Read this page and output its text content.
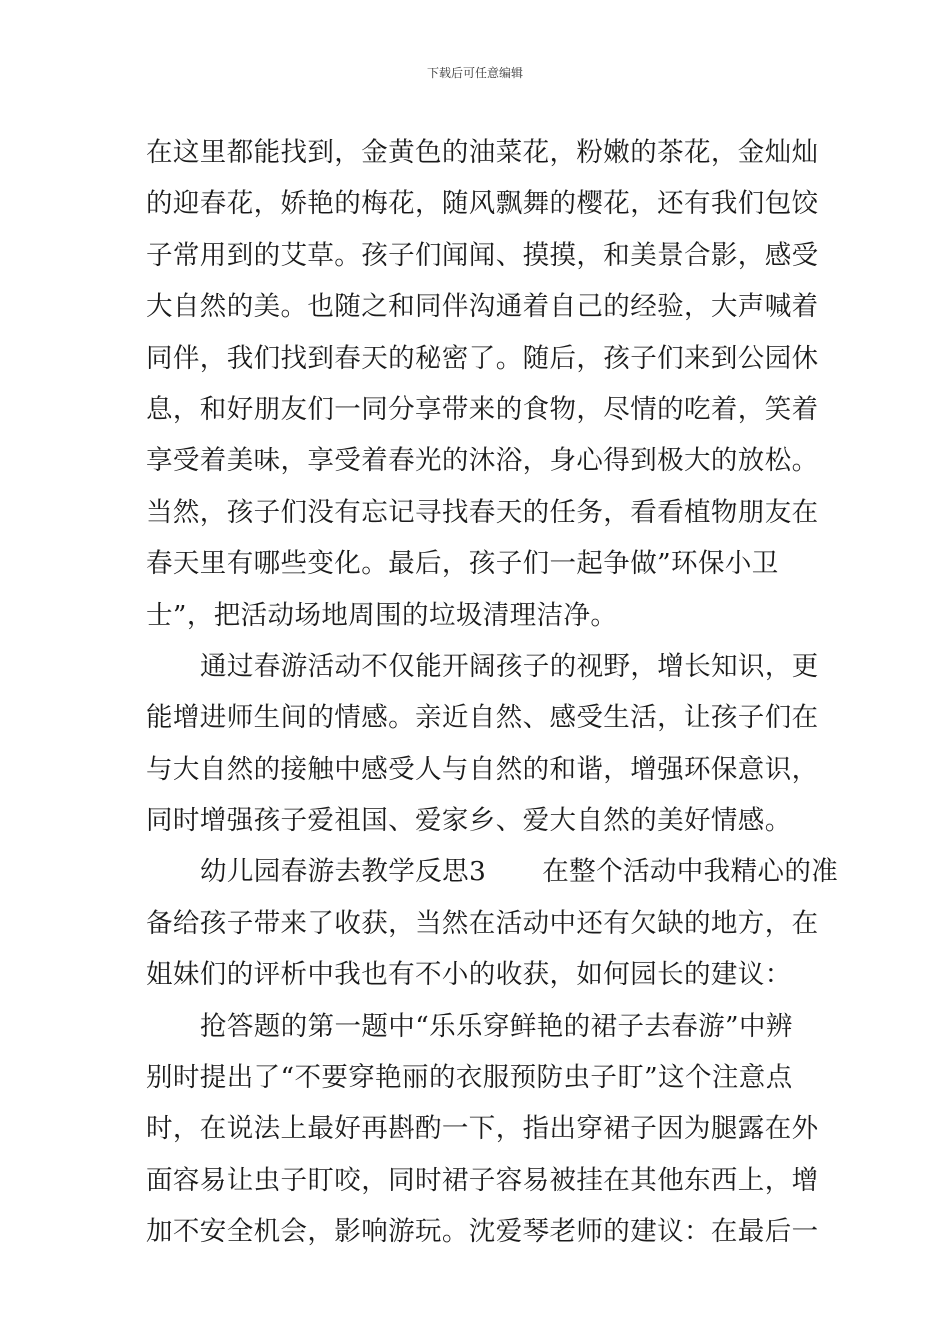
下载后可任意编辑
在这里都能找到，金黄色的油菜花，粉嫩的茶花，金灿灿
的迎春花，娇艳的梅花，随风飘舞的樱花，还有我们包饺
子常用到的艾草。孩子们闻闻、摸摸，和美景合影，感受
大自然的美。也随之和同伴沟通着自己的经验，大声喊着
同伴，我们找到春天的秘密了。随后，孩子们来到公园休
息，和好朋友们一同分享带来的食物，尽情的吃着，笑着
享受着美味，享受着春光的沐浴，身心得到极大的放松。
当然，孩子们没有忘记寻找春天的任务，看看植物朋友在
春天里有哪些变化。最后，孩子们一起争做”环保小卫
士”，把活动场地周围的垃圾清理洁净。
通过春游活动不仅能开阔孩子的视野，增长知识，更
能增进师生间的情感。亲近自然、感受生活，让孩子们在
与大自然的接触中感受人与自然的和谐，增强环保意识，
同时增强孩子爱祖国、爱家乡、爱大自然的美好情感。
幼儿园春游去教学反思3 在整个活动中我精心的准
备给孩子带来了收获，当然在活动中还有欠缺的地方，在
姐妹们的评析中我也有不小的收获，如何园长的建议：
抢答题的第一题中“乐乐穿鲜艳的裙子去春游”中辨
别时提出了“不要穿艳丽的衣服预防虫子盯”这个注意点
时，在说法上最好再斟酌一下，指出穿裙子因为腿露在外
面容易让虫子盯咬，同时裙子容易被挂在其他东西上，增
加不安全机会，影响游玩。沈爱琴老师的建议：在最后一
